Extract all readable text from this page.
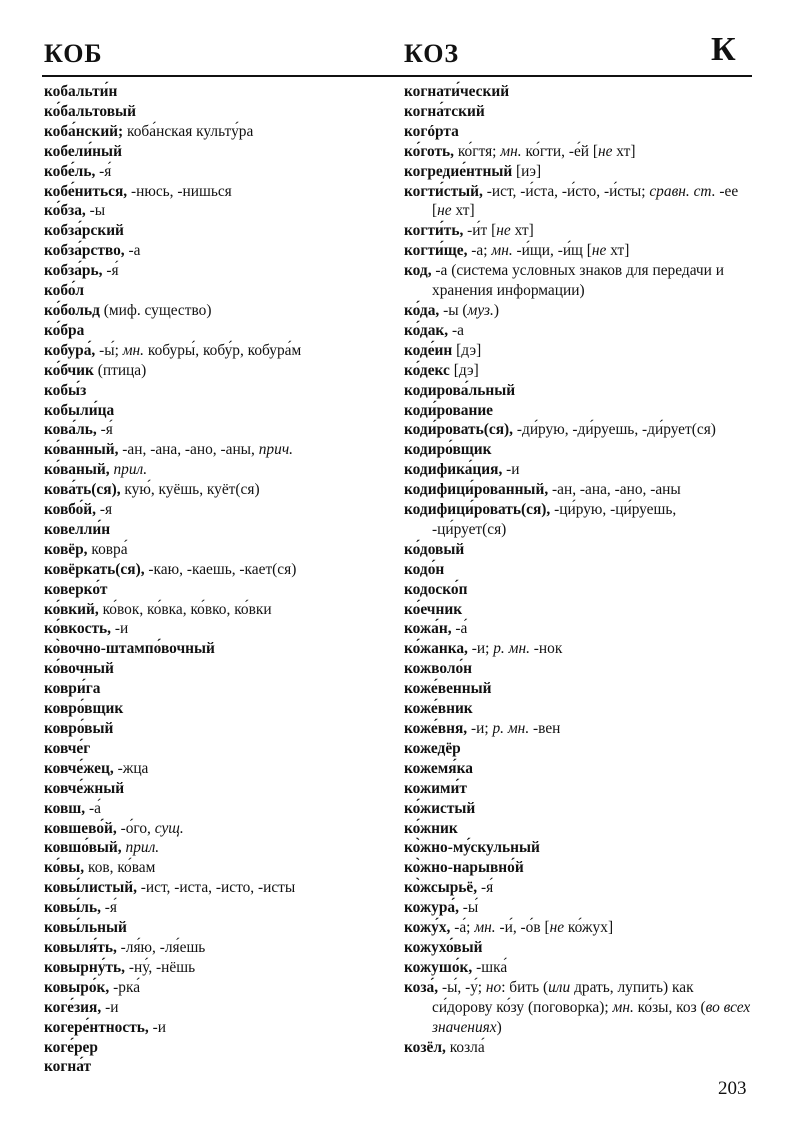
КОБ	КОЗ	К
кобальти́н
ко́бальтовый
коба́нский; коба́нская культу́ра
кобели́ный
кобе́ль, -я́
кобе́ниться, -нюсь, -нишься
ко́бза, -ы
кобза́рский
кобза́рство, -а
кобза́рь, -я́
кобо́л
ко́больд (миф. существо)
ко́бра
кобура́, -ы́; мн. кобуры́, кобу́р, кобура́м
ко́бчик (птица)
кобы́з
кобыли́ца
кова́ль, -я́
ко́ванный, -ан, -ана, -ано, -аны, прич.
ко́ваный, прил.
кова́ть(ся), кую́, куёшь, куёт(ся)
ковбо́й, -я
ковелли́н
ковёр, ковра́
ковёркать(ся), -каю, -каешь, -кает(ся)
коверко́т
ко́вкий, ко́вок, ко́вка, ко́вко, ко́вки
ко́вкость, -и
ко̀вочно-штампо́вочный
ко́вочный
коври́га
ковро́вщик
ковро́вый
ковче́г
ковче́жец, -жца
ковче́жный
ковш, -а́
ковшево́й, -о́го, сущ.
ковшо́вый, прил.
ко́вы, ков, ко́вам
ковы́листый, -ист, -иста, -исто, -исты
ковы́ль, -я́
ковы́льный
ковыля́ть, -ля́ю, -ля́ешь
ковырну́ть, -ну́, -нёшь
ковыро́к, -рка́
коге́зия, -и
когере́нтность, -и
коге́рер
когна́т
когнати́ческий
когна́тский
когóрта
ко́готь, ко́гтя; мн. ко́гти, -е́й [не хт]
когредие́нтный [иэ]
когти́стый, -ист, -и́ста, -и́сто, -и́сты; сравн. ст. -ее [не хт]
когти́ть, -и́т [не хт]
когти́ще, -а; мн. -и́щи, -и́щ [не хт]
код, -а (система условных знаков для передачи и хранения информации)
ко́да, -ы (муз.)
ко́дак, -а
коде́ин [дэ]
ко́декс [дэ]
кодирова́льный
коди́рование
коди́ровать(ся), -ди́рую, -ди́руешь, -ди́рует(ся)
кодиро́вщик
кодифика́ция, -и
кодифици́рованный, -ан, -ана, -ано, -аны
кодифици́ровать(ся), -ци́рую, -ци́руешь, -ци́рует(ся)
ко́довый
кодо́н
кодоско́п
ко́ечник
кожа́н, -а́
ко́жанка, -и; р. мн. -нок
кожволо́н
коже́венный
коже́вник
коже́вня, -и; р. мн. -вен
кожедёр
кожемя́ка
кожими́т
ко́жистый
ко́жник
ко̀жно-му́скульный
ко̀жно-нарывно́й
ко̀жсырьё, -я́
кожура́, -ы́
кожу́х, -а́; мн. -и́, -о́в [не ко́жух]
кожухо́вый
кожушо́к, -шка́
коза́, -ы́, -у́; но: бить (или драть, лупить) как си́дорову ко́зу (поговорка); мн. ко́зы, коз (во всех значениях)
козёл, козла́
203
